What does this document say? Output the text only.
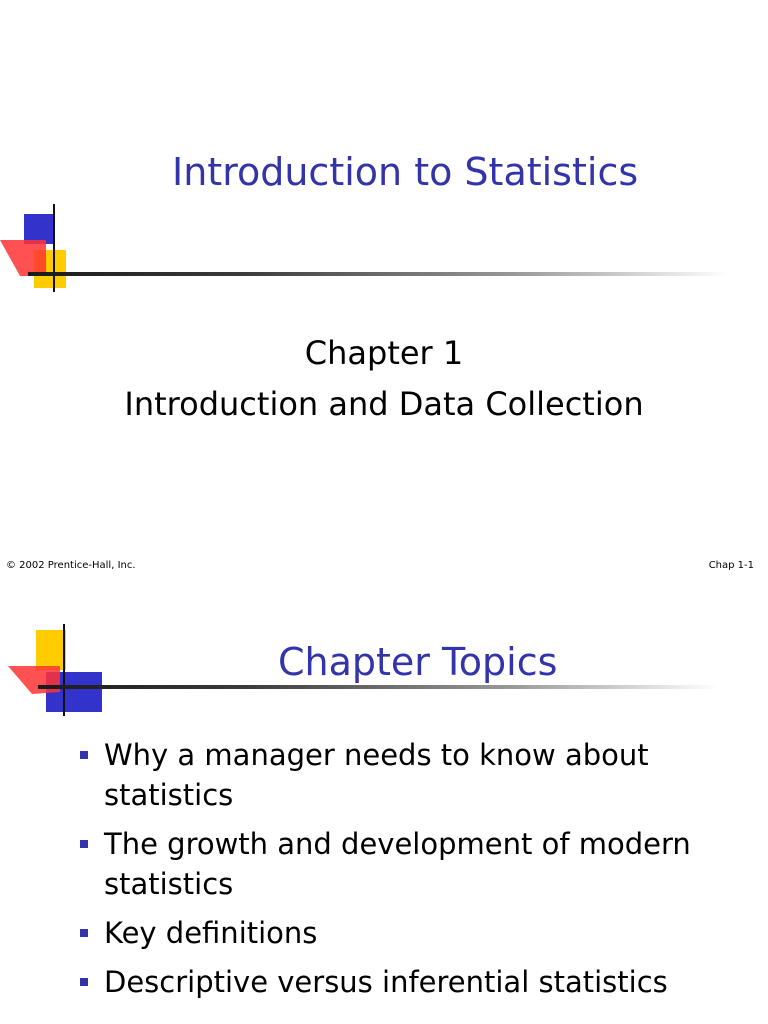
Introduction to Statistics
Chapter 1
Introduction and Data Collection
© 2002 Prentice-Hall, Inc.	Chap 1-1
Chapter Topics
Why a manager needs to know about statistics
The growth and development of modern statistics
Key definitions
Descriptive versus inferential statistics
